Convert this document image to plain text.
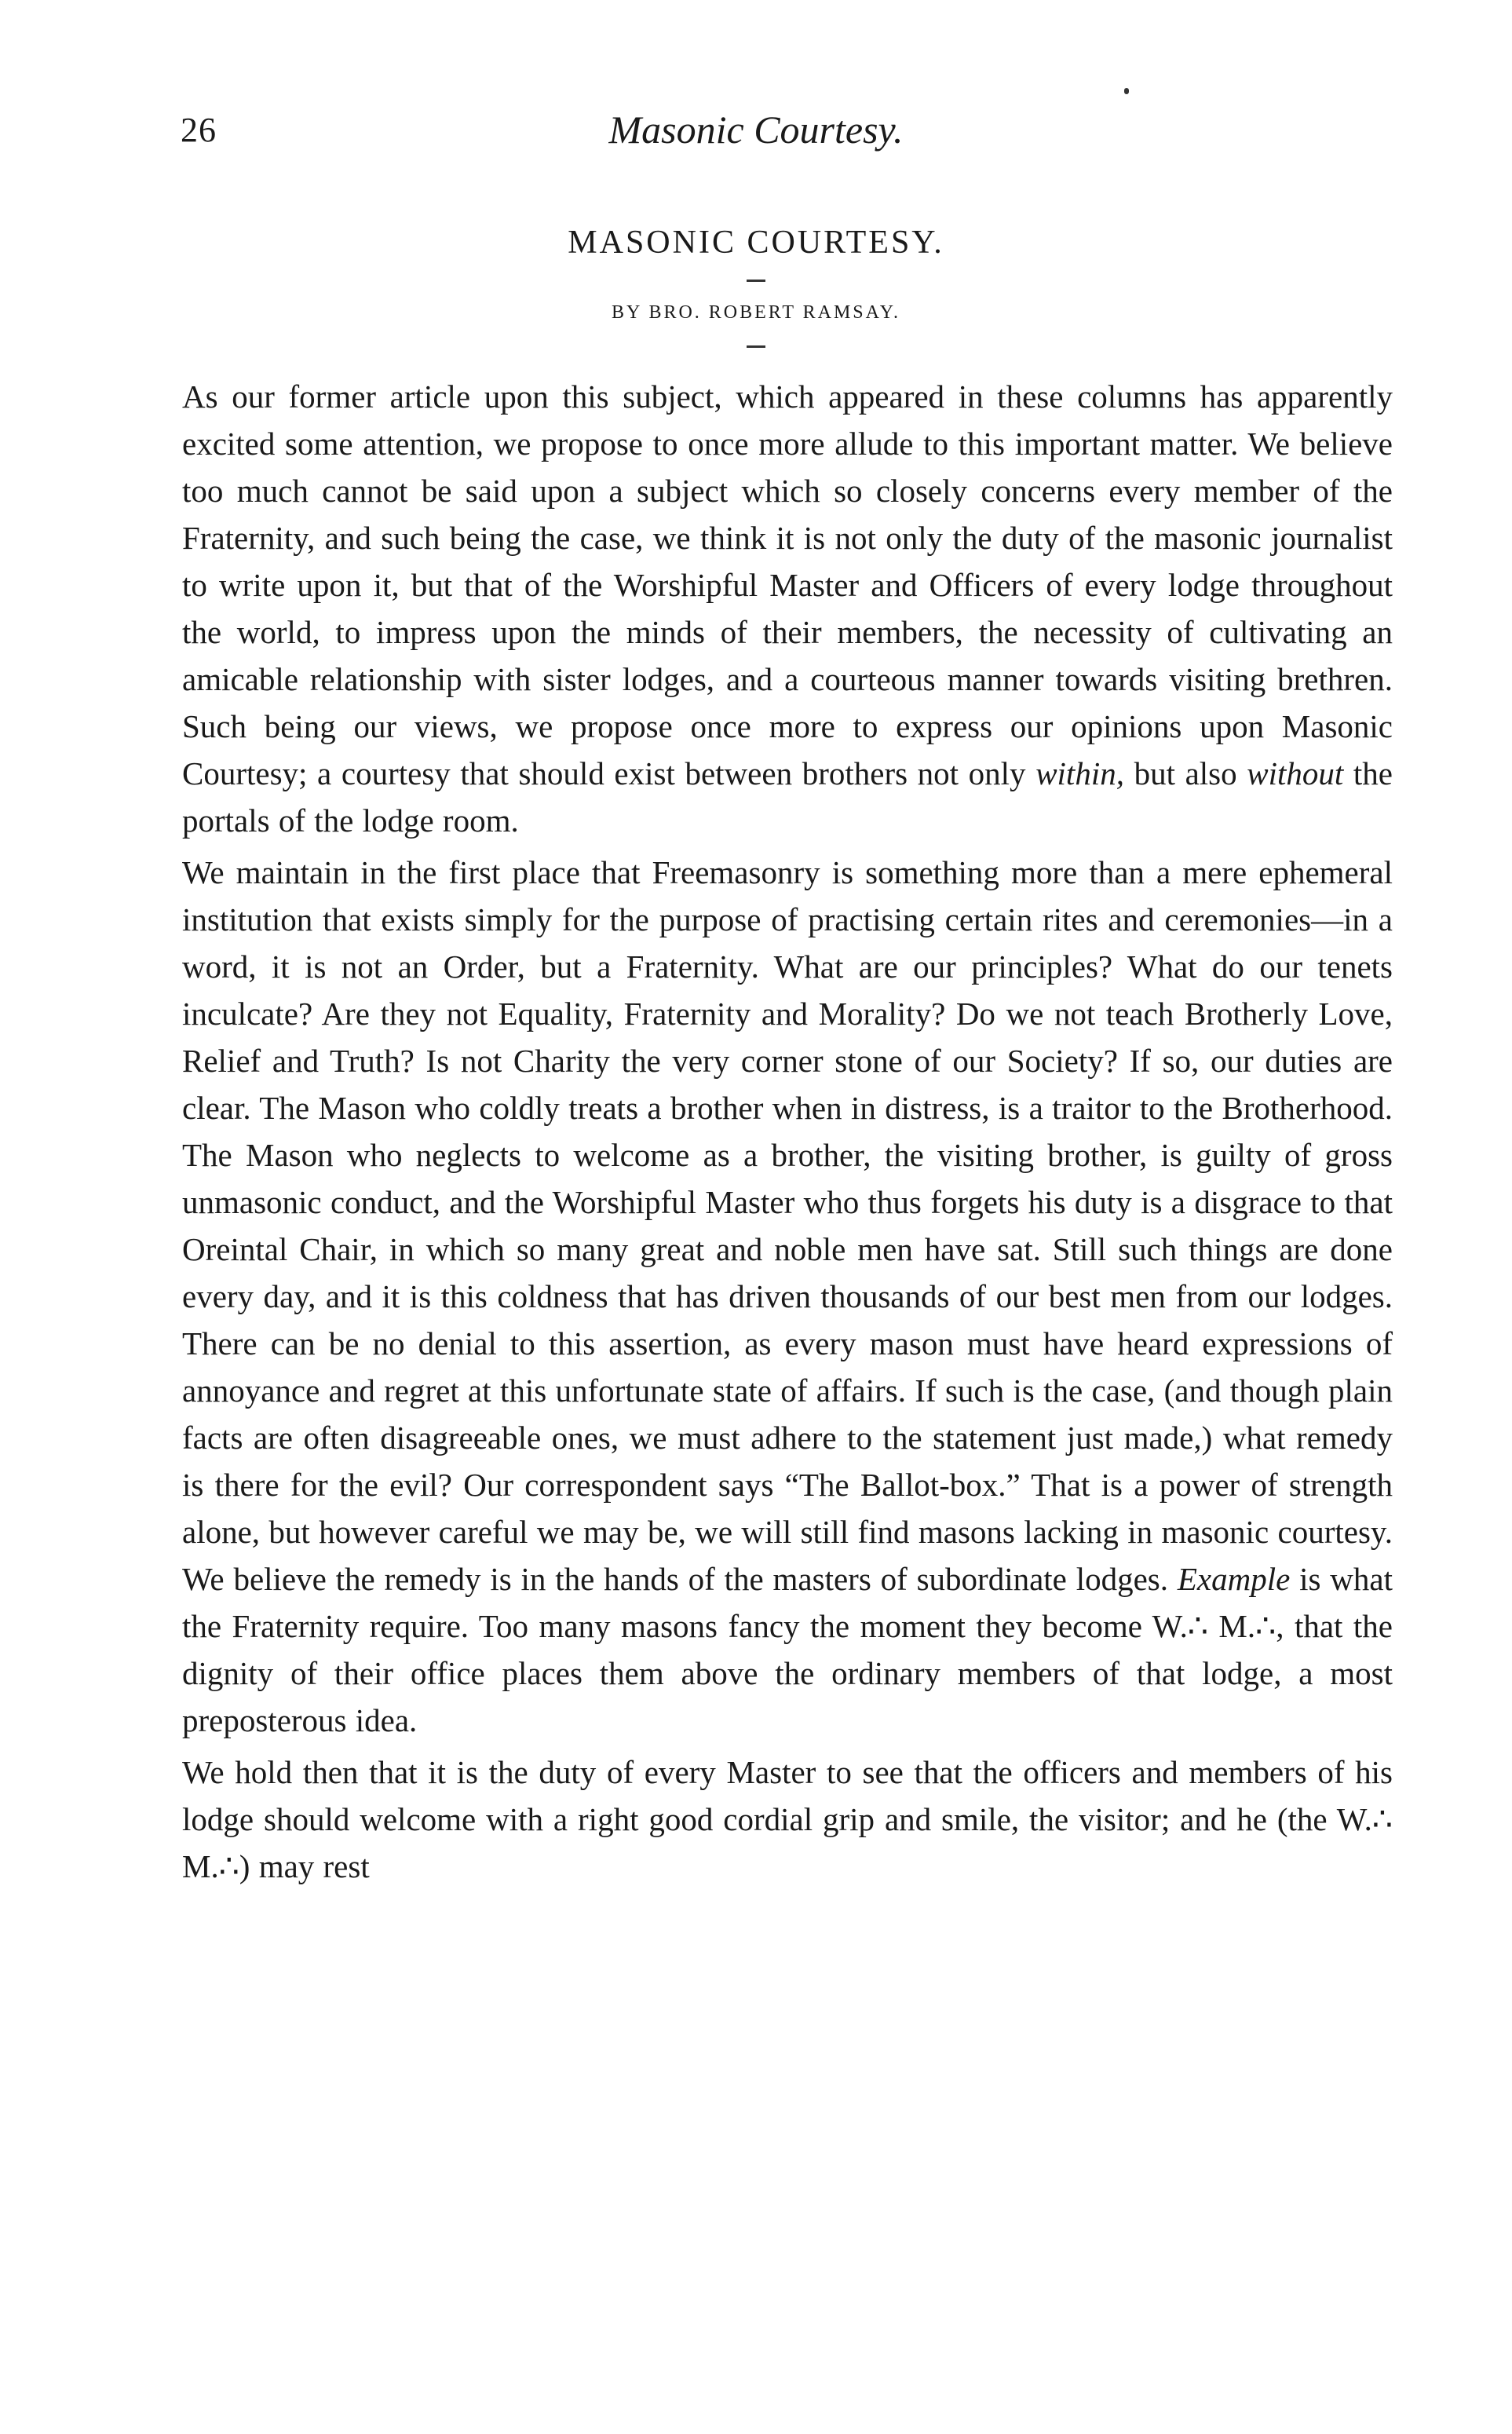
26	Masonic Courtesy.
MASONIC COURTESY.
BY BRO. ROBERT RAMSAY.

As our former article upon this subject, which appeared in these columns has apparently excited some attention, we propose to once more allude to this important matter. We believe too much cannot be said upon a subject which so closely concerns every member of the Fraternity, and such being the case, we think it is not only the duty of the masonic journalist to write upon it, but that of the Worshipful Master and Officers of every lodge throughout the world, to impress upon the minds of their members, the necessity of cultivating an amicable relationship with sister lodges, and a courteous manner towards visiting brethren. Such being our views, we propose once more to express our opinions upon Masonic Courtesy; a courtesy that should exist between brothers not only within, but also without the portals of the lodge room.

We maintain in the first place that Freemasonry is something more than a mere ephemeral institution that exists simply for the purpose of practising certain rites and ceremonies—in a word, it is not an Order, but a Fraternity. What are our principles? What do our tenets inculcate? Are they not Equality, Fraternity and Morality? Do we not teach Brotherly Love, Relief and Truth? Is not Charity the very corner stone of our Society? If so, our duties are clear. The Mason who coldly treats a brother when in distress, is a traitor to the Brotherhood. The Mason who neglects to welcome as a brother, the visiting brother, is guilty of gross unmasonic conduct, and the Worshipful Master who thus forgets his duty is a disgrace to that Oreintal Chair, in which so many great and noble men have sat. Still such things are done every day, and it is this coldness that has driven thousands of our best men from our lodges. There can be no denial to this assertion, as every mason must have heard expressions of annoyance and regret at this unfortunate state of affairs. If such is the case, (and though plain facts are often disagreeable ones, we must adhere to the statement just made,) what remedy is there for the evil? Our correspondent says “The Ballot-box.” That is a power of strength alone, but however careful we may be, we will still find masons lacking in masonic courtesy. We believe the remedy is in the hands of the masters of subordinate lodges. Example is what the Fraternity require. Too many masons fancy the moment they become W.∴ M.∴, that the dignity of their office places them above the ordinary members of that lodge, a most preposterous idea.

We hold then that it is the duty of every Master to see that the officers and members of his lodge should welcome with a right good cordial grip and smile, the visitor; and he (the W.∴ M.∴) may rest
